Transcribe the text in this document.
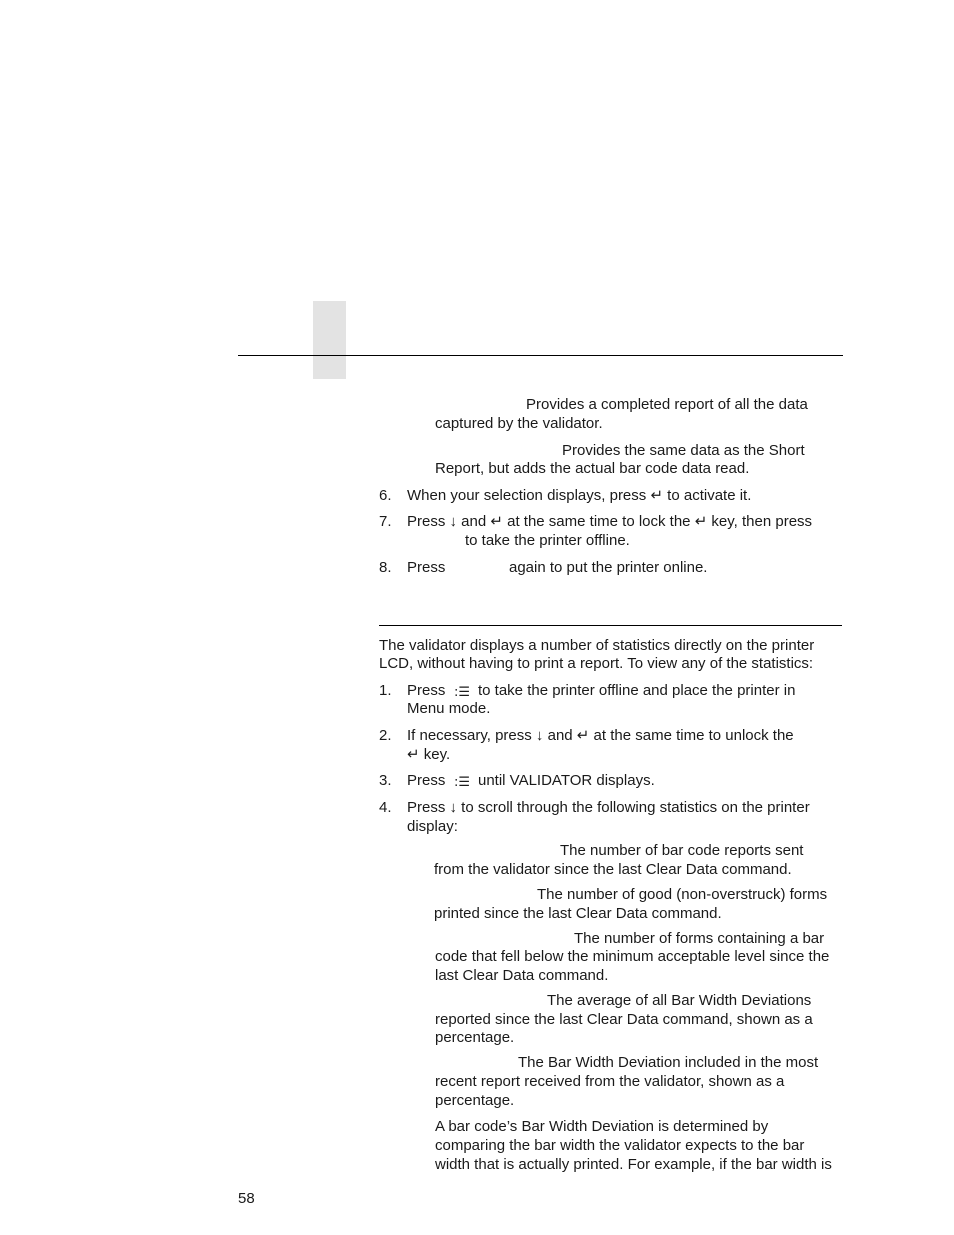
Provides a completed report of all the data
captured by the validator.
Provides the same data as the Short
Report, but adds the actual bar code data read.
6. When your selection displays, press ↵ to activate it.
7. Press ↓ and ↵ at the same time to lock the ↵ key, then press
to take the printer offline.
8. Press	again to put the printer online.
The validator displays a number of statistics directly on the printer
LCD, without having to print a report. To view any of the statistics:
1. Press :☰ to take the printer offline and place the printer in
Menu mode.
2. If necessary, press ↓ and ↵ at the same time to unlock the
↵ key.
3. Press :☰ until VALIDATOR displays.
4. Press ↓ to scroll through the following statistics on the printer
display:
The number of bar code reports sent
from the validator since the last Clear Data command.
The number of good (non-overstruck) forms
printed since the last Clear Data command.
The number of forms containing a bar
code that fell below the minimum acceptable level since the
last Clear Data command.
The average of all Bar Width Deviations
reported since the last Clear Data command, shown as a
percentage.
The Bar Width Deviation included in the most
recent report received from the validator, shown as a
percentage.
A bar code’s Bar Width Deviation is determined by
comparing the bar width the validator expects to the bar
width that is actually printed. For example, if the bar width is
58
